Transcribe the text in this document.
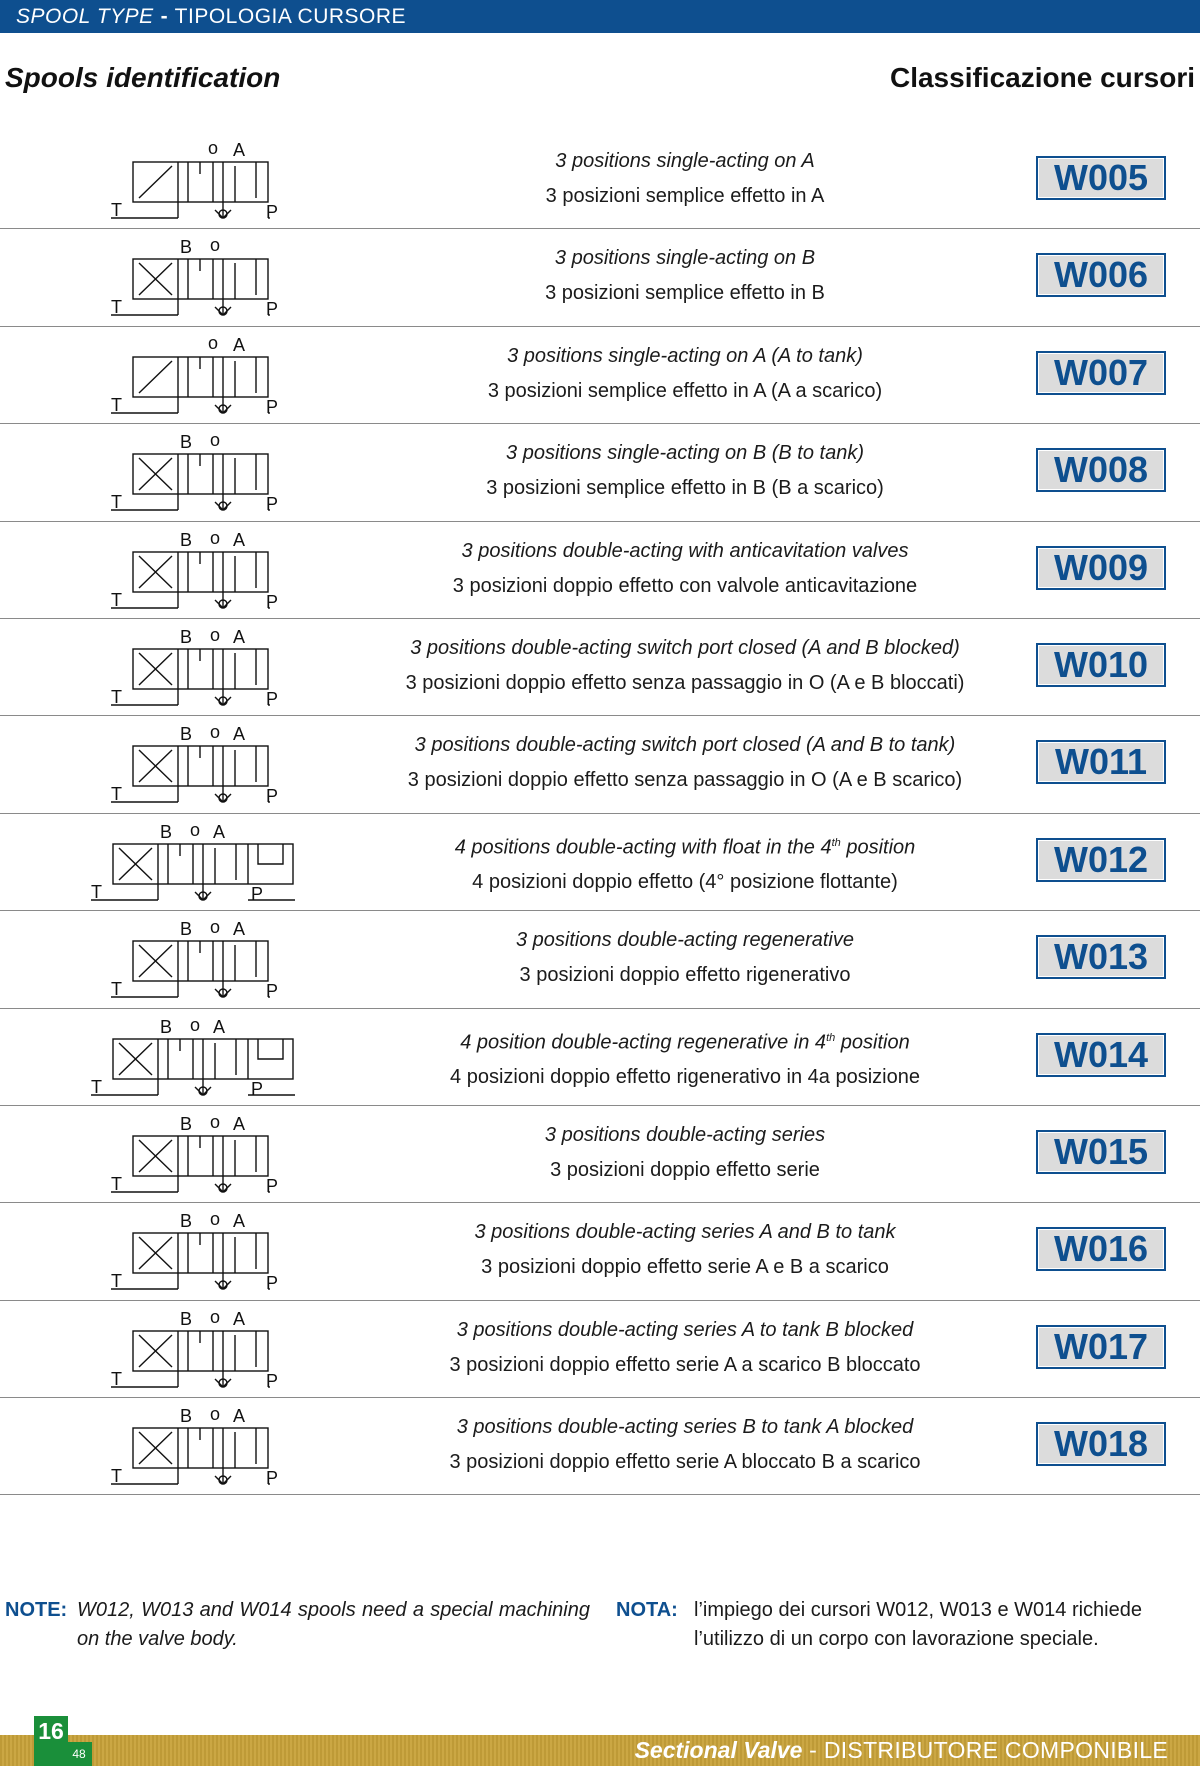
SPOOL TYPE - TIPOLOGIA CURSORE
Spools identification	Classificazione cursori
o A
T	P
3 positions single-acting on A
3 posizioni semplice effetto in A	W005
B o
T	P
3 positions single-acting on B
3 posizioni semplice effetto in B	W006
o A
T	P
3 positions single-acting on A (A to tank)
3 posizioni semplice effetto in A (A a scarico)	W007
B o
T	P
3 positions single-acting on B (B to tank)
3 posizioni semplice effetto in B (B a scarico)	W008
B o A
T	P
3 positions double-acting with anticavitation valves
3 posizioni doppio effetto con valvole anticavitazione	W009
B o A
T	P
3 positions double-acting switch port closed (A and B blocked)
3 posizioni doppio effetto senza passaggio in O (A e B bloccati)	W010
B o A
T	P
3 positions double-acting switch port closed (A and B to tank)
3 posizioni doppio effetto senza passaggio in O (A e B scarico)	W011
B o A
T	P
4 positions double-acting with float in the 4th position
4 posizioni doppio effetto (4° posizione flottante)
W012
B o A
T	P
3 positions double-acting regenerative
3 posizioni doppio effetto rigenerativo	W013
B o A
T	P
4 position double-acting regenerative in 4th position
4 posizioni doppio effetto rigenerativo in 4a posizione
W014
B o A
T	P
3 positions double-acting series
3 posizioni doppio effetto serie	W015
B o A
T	P
3 positions double-acting series A and B to tank
3 posizioni doppio effetto serie A e B a scarico	W016
B o A
T	P
3 positions double-acting series A to tank B blocked
3 posizioni doppio effetto serie A a scarico B bloccato	W017
B o A
T	P
3 positions double-acting series B to tank A blocked
3 posizioni doppio effetto serie A bloccato B a scarico	W018
NOTE: W012, W013 and W014 spools need a special machining on the valve body.
NOTA: l’impiego dei cursori W012, W013 e W014 richiede l’utilizzo di un corpo con lavorazione speciale.
16
48	Sectional Valve - DISTRIBUTORE COMPONIBILE
